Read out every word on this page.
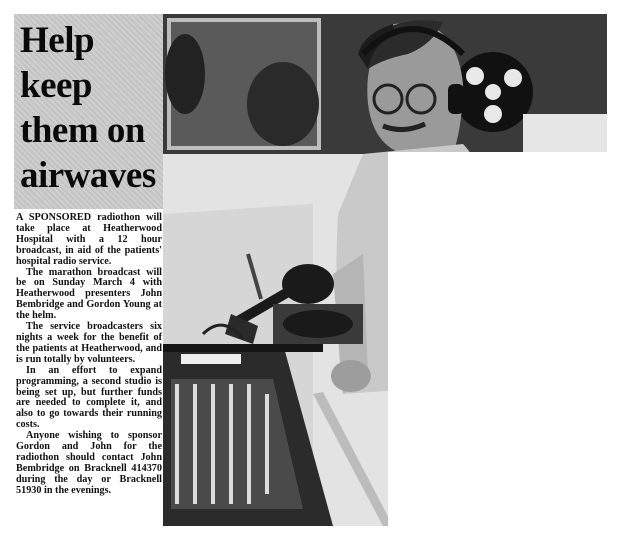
Help
keep
them on
airwaves

A SPONSORED radiothon will take place at Heatherwood Hospital with a 12 hour broadcast, in aid of the patients' hospital radio service.

The marathon broadcast will be on Sunday March 4 with Heatherwood presenters John Bembridge and Gordon Young at the helm.

The service broadcasters six nights a week for the benefit of the patients at Heatherwood, and is run totally by volunteers.

In an effort to expand programming, a second studio is being set up, but further funds are needed to complete it, and also to go towards their running costs.

Anyone wishing to sponsor Gordon and John for the radiothon should contact John Bembridge on Bracknell 414370 during the day or Bracknell 51930 in the evenings.
